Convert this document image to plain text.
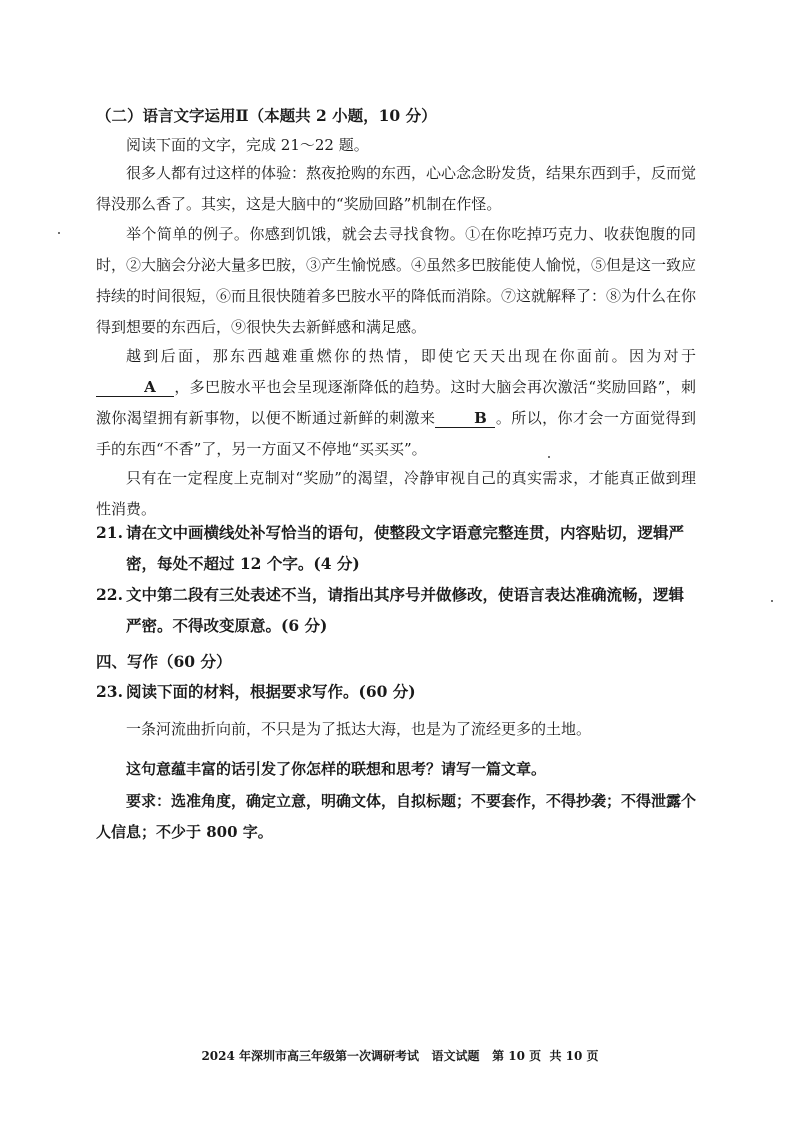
（二）语言文字运用Ⅱ（本题共 2 小题，10 分）
阅读下面的文字，完成 21～22 题。
很多人都有过这样的体验：熬夜抢购的东西，心心念念盼发货，结果东西到手，反而觉得没那么香了。其实，这是大脑中的“奖励回路”机制在作怪。
举个简单的例子。你感到饥饿，就会去寻找食物。①在你吃掉巧克力、收获饱腹的同时，②大脑会分泌大量多巴胺，③产生愉悦感。④虽然多巴胺能使人愉悦，⑤但是这一致应持续的时间很短，⑥而且很快随着多巴胺水平的降低而消除。⑦这就解释了：⑧为什么在你得到想要的东西后，⑨很快失去新鲜感和满足感。
越到后面，那东西越难重燃你的热情，即使它天天出现在你面前。因为对于A ，多巴胺水平也会呈现逐渐降低的趋势。这时大脑会再次激活“奖励回路”，刺激你渴望拥有新事物，以便不断通过新鲜的刺激来	B 。所以，你才会一方面觉得到手的东西“不香”了，另一方面又不停地“买买买”。
只有在一定程度上克制对“奖励”的渴望，冷静审视自己的真实需求，才能真正做到理性消费。
21. 请在文中画横线处补写恰当的语句，使整段文字语意完整连贯，内容贴切，逻辑严
密，每处不超过 12 个字。(4 分)
22. 文中第二段有三处表述不当，请指出其序号并做修改，使语言表达准确流畅，逻辑
严密。不得改变原意。(6 分)
四、写作（60 分）
23. 阅读下面的材料，根据要求写作。(60 分)
一条河流曲折向前，不只是为了抵达大海，也是为了流经更多的土地。
这句意蕴丰富的话引发了你怎样的联想和思考？请写一篇文章。
要求：选准角度，确定立意，明确文体，自拟标题；不要套作，不得抄袭；不得泄露个人信息；不少于 800 字。
2024 年深圳市高三年级第一次调研考试   语文试题   第 10 页  共 10 页
